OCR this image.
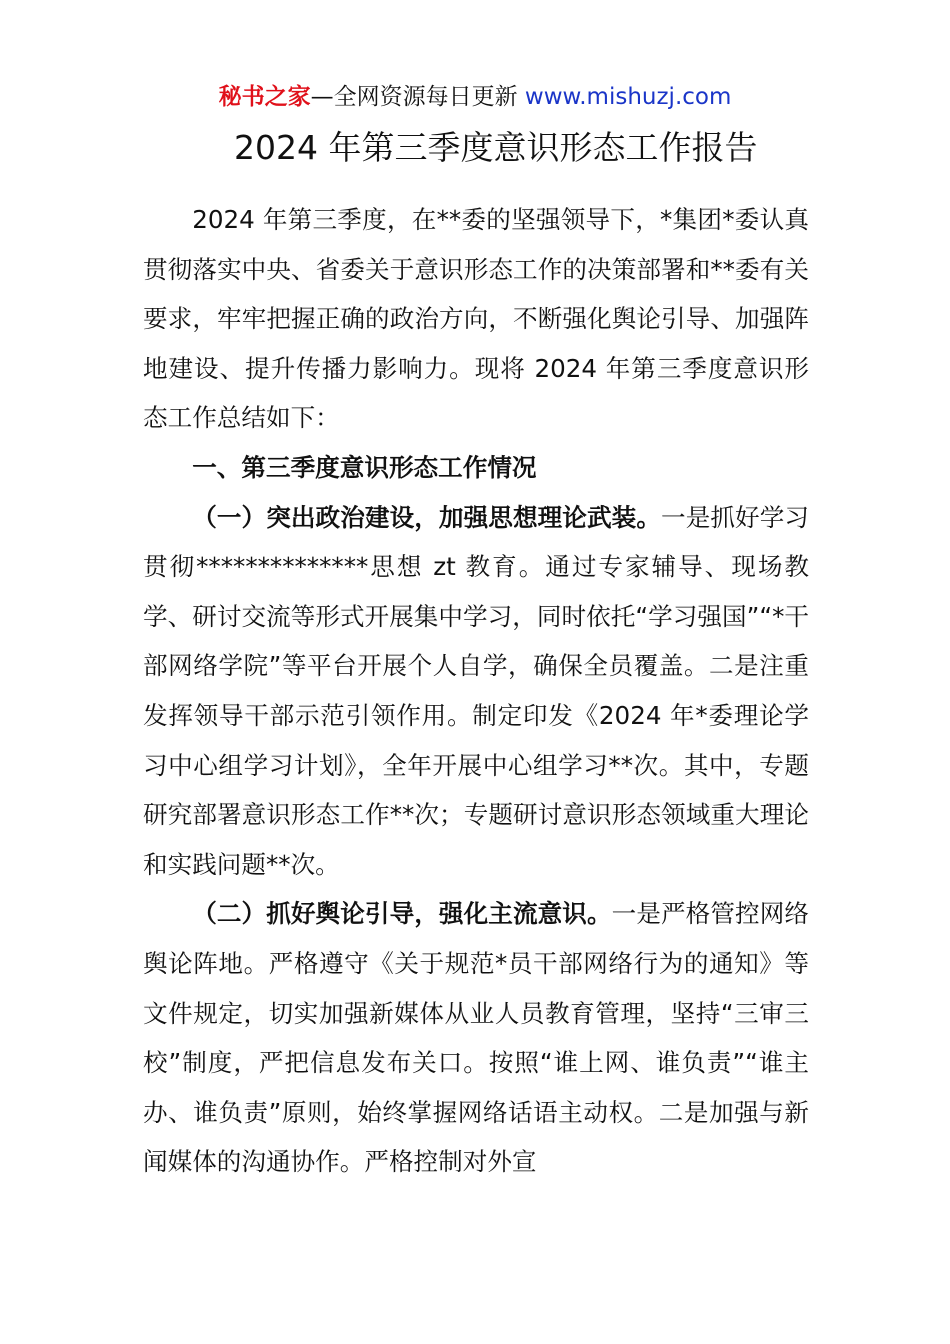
秘书之家—全网资源每日更新 www.mishuzj.com
2024 年第三季度意识形态工作报告

2024 年第三季度，在**委的坚强领导下，*集团*委认真贯彻落实中央、省委关于意识形态工作的决策部署和**委有关要求，牢牢把握正确的政治方向，不断强化舆论引导、加强阵地建设、提升传播力影响力。现将 2024 年第三季度意识形态工作总结如下：

一、第三季度意识形态工作情况

（一）突出政治建设，加强思想理论武装。一是抓好学习贯彻**************思想 zt 教育。通过专家辅导、现场教学、研讨交流等形式开展集中学习，同时依托“学习强国”“*干部网络学院”等平台开展个人自学，确保全员覆盖。二是注重发挥领导干部示范引领作用。制定印发《2024 年*委理论学习中心组学习计划》，全年开展中心组学习**次。其中，专题研究部署意识形态工作**次；专题研讨意识形态领域重大理论和实践问题**次。

（二）抓好舆论引导，强化主流意识。一是严格管控网络舆论阵地。严格遵守《关于规范*员干部网络行为的通知》等文件规定，切实加强新媒体从业人员教育管理，坚持“三审三校”制度，严把信息发布关口。按照“谁上网、谁负责”“谁主办、谁负责”原则，始终掌握网络话语主动权。二是加强与新闻媒体的沟通协作。严格控制对外宣
